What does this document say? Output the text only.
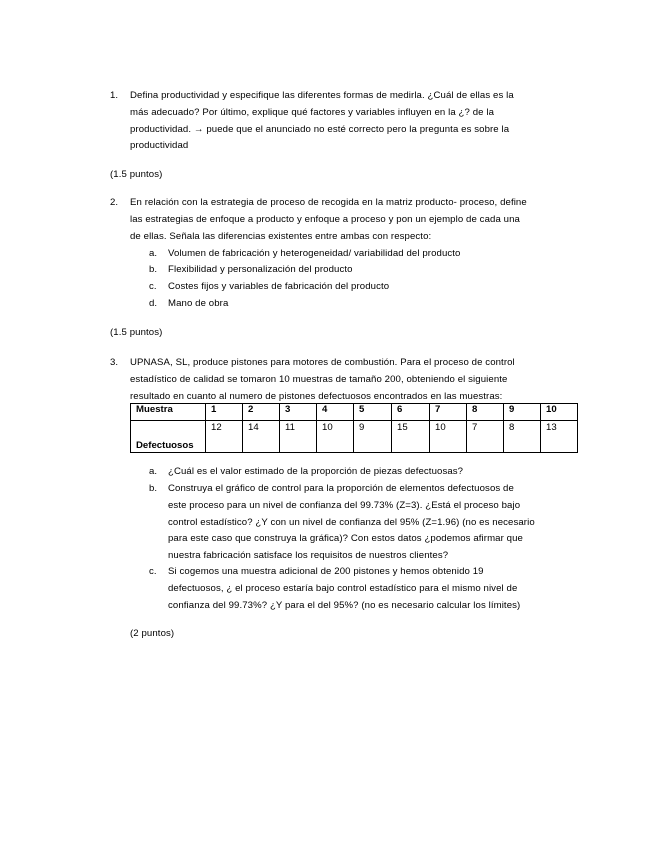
1. Defina productividad y especifique las diferentes formas de medirla. ¿Cuál de ellas es la
más adecuado? Por último, explique qué factores y variables influyen en la ¿? de la
productividad. → puede que el anunciado no esté correcto pero la pregunta es sobre la
productividad
(1.5 puntos)
2. En relación con la estrategia de proceso de recogida en la matriz producto- proceso, define
las estrategias de enfoque a producto y enfoque a proceso y pon un ejemplo de cada una
de ellas. Señala las diferencias existentes entre ambas con respecto:
a. Volumen de fabricación y heterogeneidad/ variabilidad del producto
b. Flexibilidad y personalización del producto
c. Costes fijos y variables de fabricación del producto
d. Mano de obra
(1.5 puntos)
3. UPNASA, SL, produce pistones para motores de combustión. Para el proceso de control
estadístico de calidad se tomaron 10 muestras de tamaño 200, obteniendo el siguiente
resultado en cuanto al numero de pistones defectuosos encontrados en las muestras:
Muestra	1	2	3	4	5	6	7	8	9	10
Defectuosos	12	14	11	10	9	15	10	7	8	13
a. ¿Cuál es el valor estimado de la proporción de piezas defectuosas?
b. Construya el gráfico de control para la proporción de elementos defectuosos de
este proceso para un nivel de confianza del 99.73% (Z=3). ¿Está el proceso bajo
control estadístico? ¿Y con un nivel de confianza del 95% (Z=1.96) (no es necesario
para este caso que construya la gráfica)? Con estos datos ¿podemos afirmar que
nuestra fabricación satisface los requisitos de nuestros clientes?
c. Si cogemos una muestra adicional de 200 pistones y hemos obtenido 19
defectuosos, ¿ el proceso estaría bajo control estadístico para el mismo nivel de
confianza del 99.73%? ¿Y para el del 95%? (no es necesario calcular los límites)
(2 puntos)
